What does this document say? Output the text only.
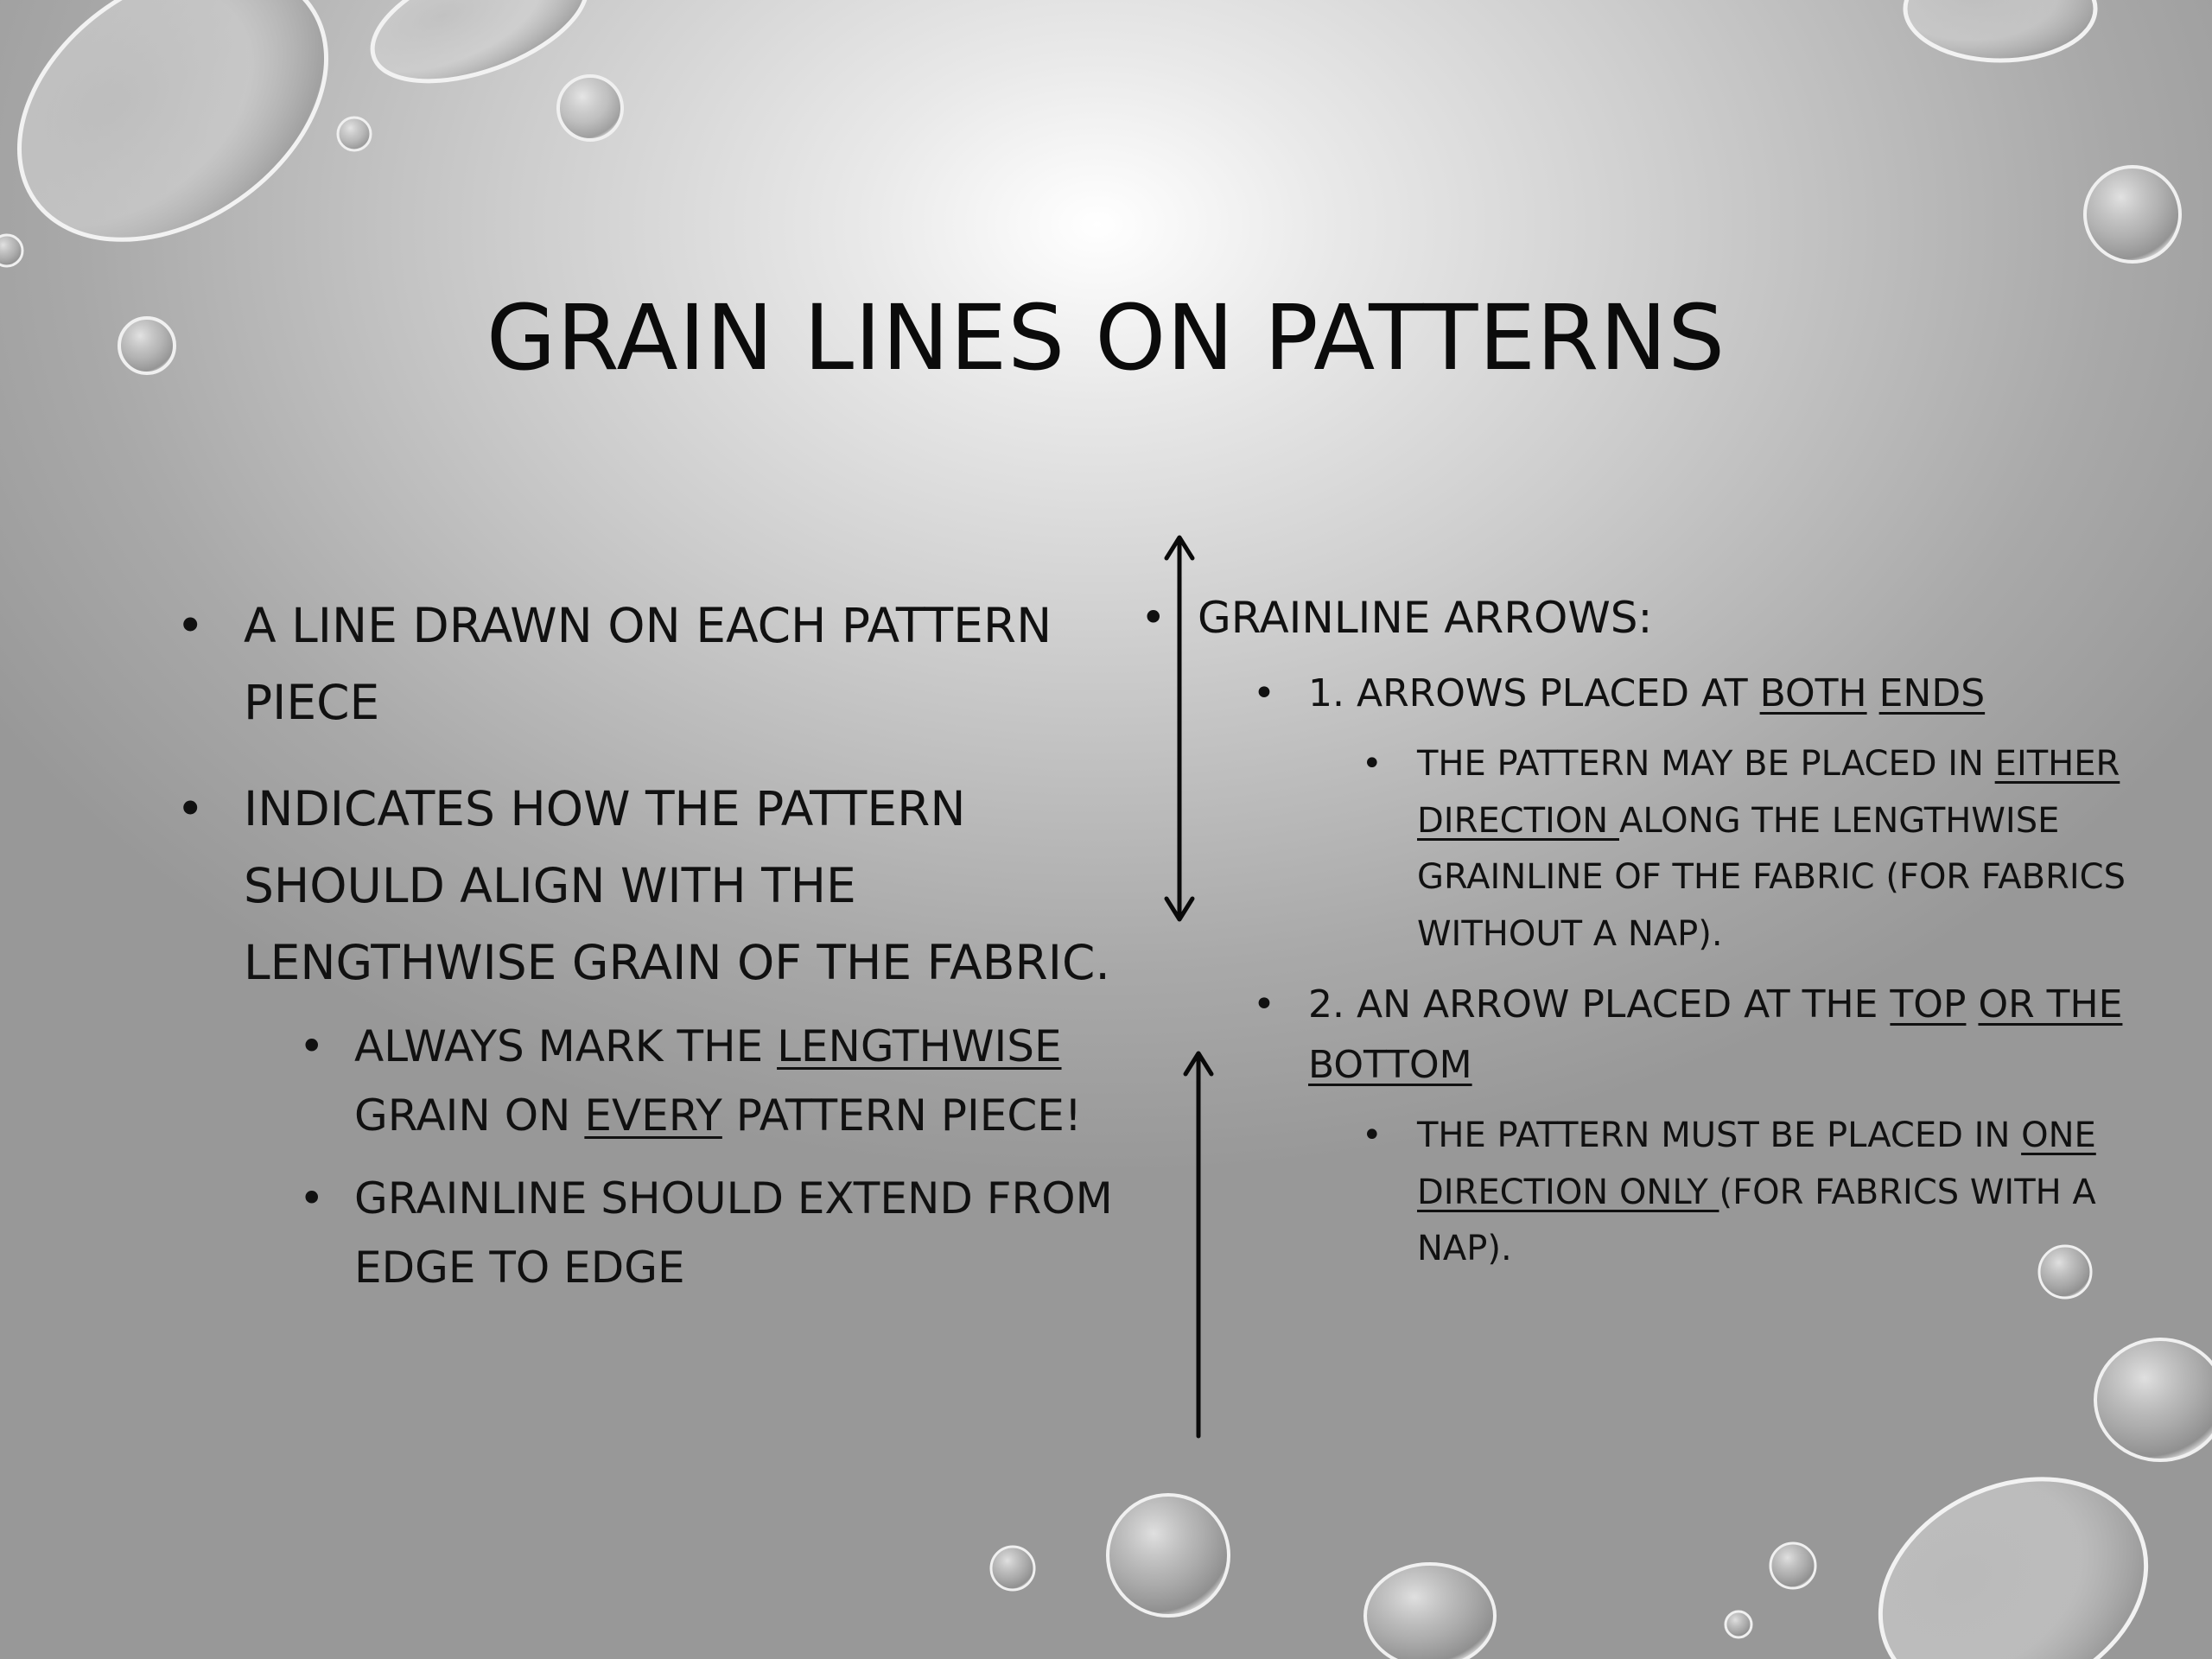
GRAIN LINES ON PATTERNS
• A LINE DRAWN ON EACH PATTERN PIECE
• INDICATES HOW THE PATTERN SHOULD ALIGN WITH THE LENGTHWISE GRAIN OF THE FABRIC.
• ALWAYS MARK THE LENGTHWISE GRAIN ON EVERY PATTERN PIECE!
• GRAINLINE SHOULD EXTEND FROM EDGE TO EDGE
• GRAINLINE ARROWS:
• 1. ARROWS PLACED AT BOTH ENDS
• THE PATTERN MAY BE PLACED IN EITHER DIRECTION ALONG THE LENGTHWISE GRAINLINE OF THE FABRIC (FOR FABRICS WITHOUT A NAP).
• 2. AN ARROW PLACED AT THE TOP OR THE BOTTOM
• THE PATTERN MUST BE PLACED IN ONE DIRECTION ONLY (FOR FABRICS WITH A NAP).
